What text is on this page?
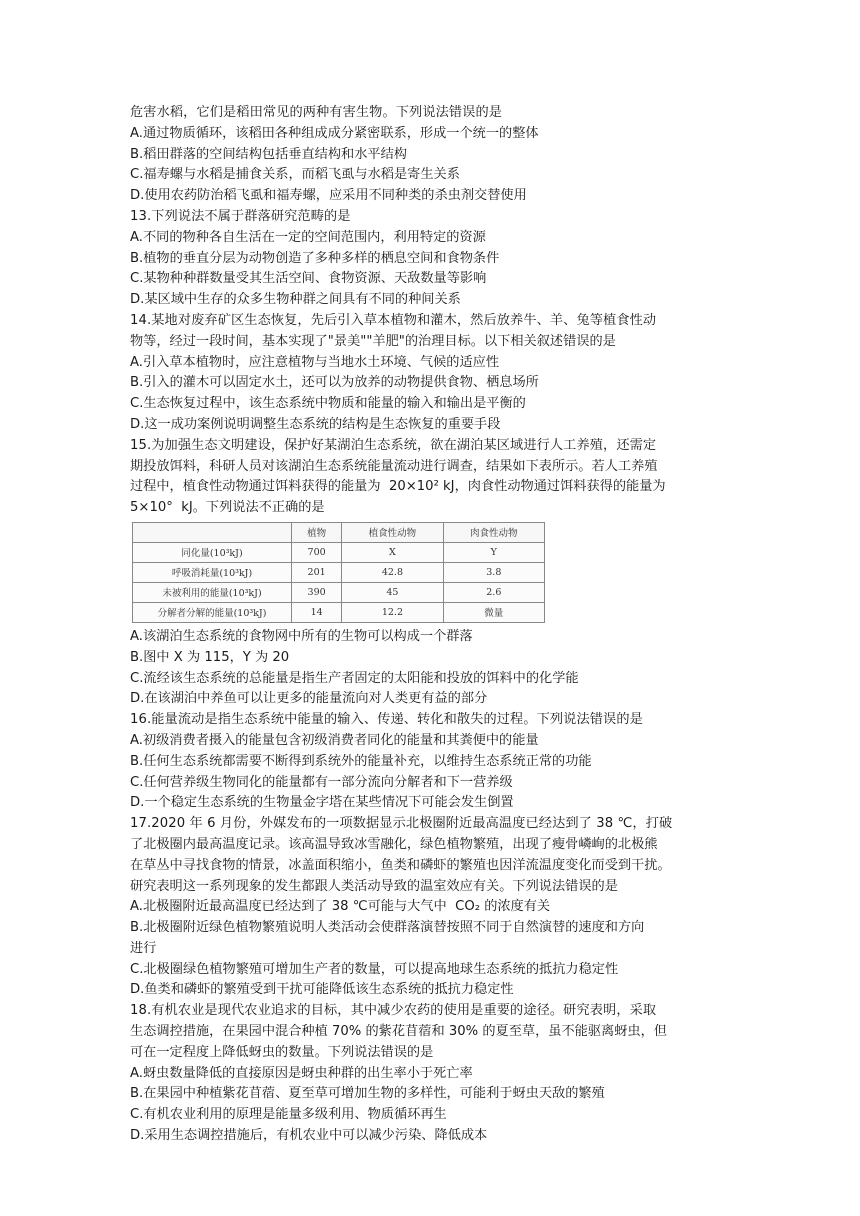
危害水稻，它们是稻田常见的两种有害生物。下列说法错误的是

A.通过物质循环，该稻田各种组成成分紧密联系，形成一个统一的整体

B.稻田群落的空间结构包括垂直结构和水平结构

C.福寿螺与水稻是捕食关系，而稻飞虱与水稻是寄生关系

D.使用农药防治稻飞虱和福寿螺，应采用不同种类的杀虫剂交替使用

13.下列说法不属于群落研究范畴的是

A.不同的物种各自生活在一定的空间范围内，利用特定的资源

B.植物的垂直分层为动物创造了多种多样的栖息空间和食物条件

C.某物种种群数量受其生活空间、食物资源、天敌数量等影响

D.某区域中生存的众多生物种群之间具有不同的种间关系

14.某地对废弃矿区生态恢复，先后引入草本植物和灌木，然后放养牛、羊、兔等植食性动

物等，经过一段时间，基本实现了"景美""羊肥"的治理目标。以下相关叙述错误的是

A.引入草本植物时，应注意植物与当地水土环境、气候的适应性

B.引入的灌木可以固定水土，还可以为放养的动物提供食物、栖息场所

C.生态恢复过程中，该生态系统中物质和能量的输入和输出是平衡的

D.这一成功案例说明调整生态系统的结构是生态恢复的重要手段

15.为加强生态文明建设，保护好某湖泊生态系统，欲在湖泊某区域进行人工养殖，还需定

期投放饵料，科研人员对该湖泊生态系统能量流动进行调查，结果如下表所示。若人工养殖

过程中，植食性动物通过饵料获得的能量为 20×10² kJ，肉食性动物通过饵料获得的能量为

5×10° kJ。下列说法不正确的是

	植物	植食性动物	肉食性动物
同化量(10³kJ)	700	X	Y
呼吸消耗量(10³kJ)	201	42.8	3.8
未被利用的能量(10³kJ)	390	45	2.6
分解者分解的能量(10³kJ)	14	12.2	微量

A.该湖泊生态系统的食物网中所有的生物可以构成一个群落

B.图中 X 为 115，Y 为 20

C.流经该生态系统的总能量是指生产者固定的太阳能和投放的饵料中的化学能

D.在该湖泊中养鱼可以让更多的能量流向对人类更有益的部分

16.能量流动是指生态系统中能量的输入、传递、转化和散失的过程。下列说法错误的是

A.初级消费者摄入的能量包含初级消费者同化的能量和其粪便中的能量

B.任何生态系统都需要不断得到系统外的能量补充，以维持生态系统正常的功能

C.任何营养级生物同化的能量都有一部分流向分解者和下一营养级

D.一个稳定生态系统的生物量金字塔在某些情况下可能会发生倒置

17.2020 年 6 月份，外媒发布的一项数据显示北极圈附近最高温度已经达到了 38 ℃，打破

了北极圈内最高温度记录。该高温导致冰雪融化，绿色植物繁殖，出现了瘦骨嶙峋的北极熊

在草丛中寻找食物的情景，冰盖面积缩小，鱼类和磷虾的繁殖也因洋流温度变化而受到干扰。

研究表明这一系列现象的发生都跟人类活动导致的温室效应有关。下列说法错误的是

A.北极圈附近最高温度已经达到了 38 ℃可能与大气中 CO₂ 的浓度有关

B.北极圈附近绿色植物繁殖说明人类活动会使群落演替按照不同于自然演替的速度和方向

进行

C.北极圈绿色植物繁殖可增加生产者的数量，可以提高地球生态系统的抵抗力稳定性

D.鱼类和磷虾的繁殖受到干扰可能降低该生态系统的抵抗力稳定性

18.有机农业是现代农业追求的目标，其中减少农药的使用是重要的途径。研究表明，采取

生态调控措施，在果园中混合种植 70% 的紫花苜蓿和 30% 的夏至草，虽不能驱离蚜虫，但

可在一定程度上降低蚜虫的数量。下列说法错误的是

A.蚜虫数量降低的直接原因是蚜虫种群的出生率小于死亡率

B.在果园中种植紫花苜蓿、夏至草可增加生物的多样性，可能利于蚜虫天敌的繁殖

C.有机农业利用的原理是能量多级利用、物质循环再生

D.采用生态调控措施后，有机农业中可以减少污染、降低成本
